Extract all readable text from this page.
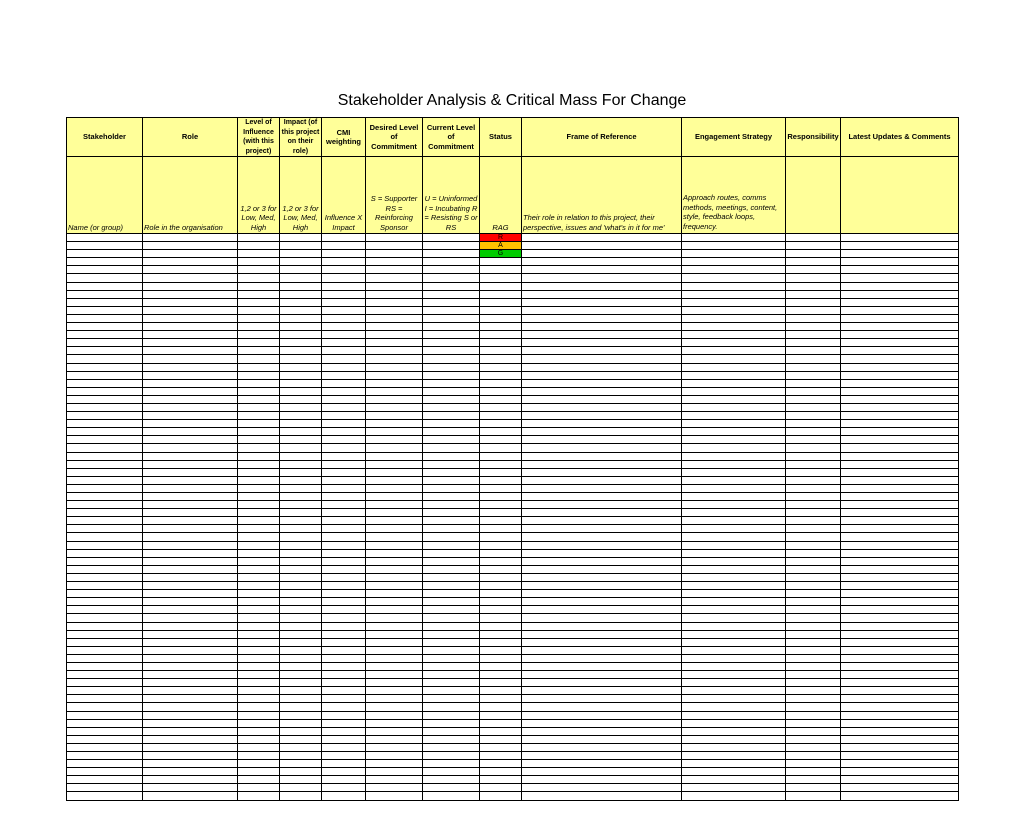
Stakeholder Analysis & Critical Mass For Change
Stakeholder	Role	Level of Influence (with this project)	Impact (of this project on their role)	CMI weighting	Desired Level of Commitment	Current Level of Commitment	Status	Frame of Reference	Engagement Strategy	Responsibility	Latest Updates & Comments
Name (or group)	Role in the organisation	1,2 or 3 for Low, Med, High	1,2 or 3 for Low, Med, High	Influence X Impact	S = Supporter RS = Reinforcing Sponsor	U = Uninformed I = Incubating R = Resisting S or RS	RAG	Their role in relation to this project, their perspective, issues and 'what's in it for me'	Approach routes, comms methods, meetings, content, style, feedback loops, frequency.		

							R				
							A				
							G				
